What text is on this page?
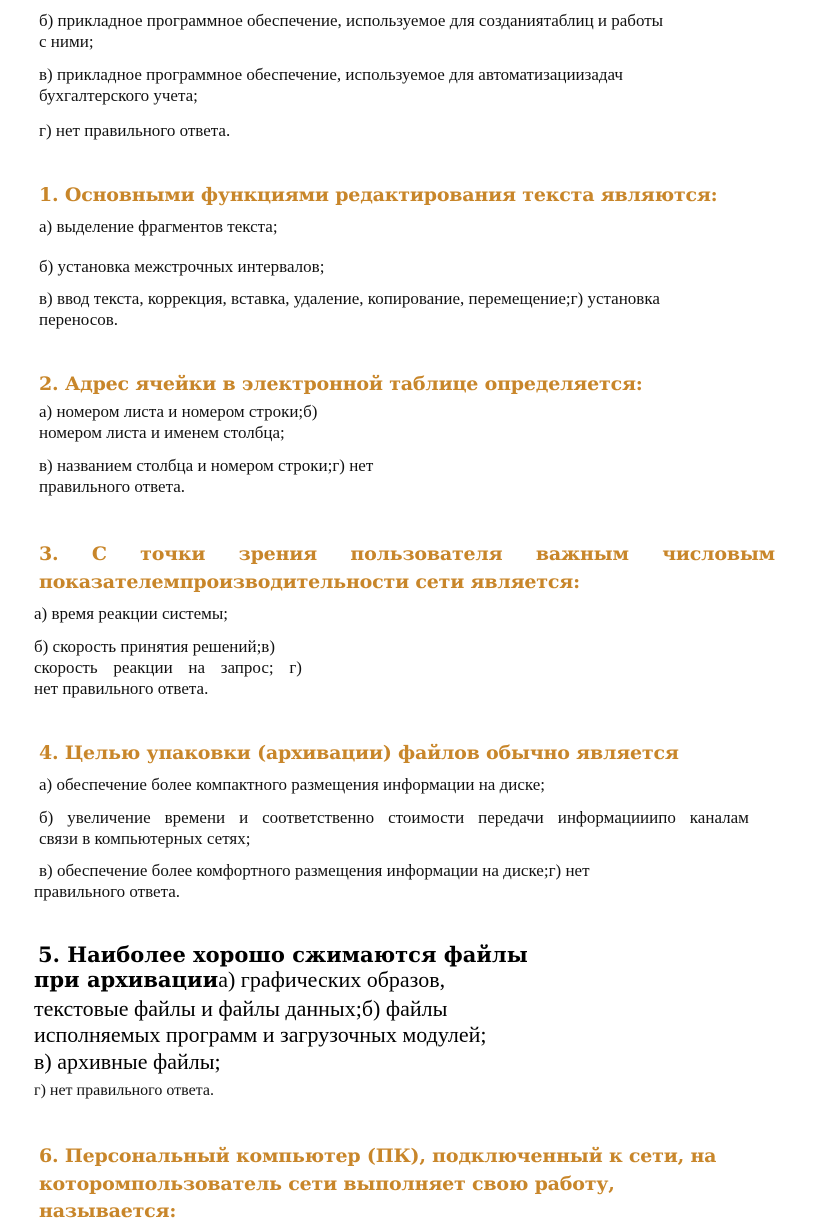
б) прикладное программное обеспечение, используемое для созданиятаблиц и работы
с ними;
в) прикладное программное обеспечение, используемое для автоматизациизадач
бухгалтерского учета;
г) нет правильного ответа.
1. Основными функциями редактирования текста являются:
а) выделение фрагментов текста;
б) установка межстрочных интервалов;
в) ввод текста, коррекция, вставка, удаление, копирование, перемещение;г) установка
переносов.
2. Адрес ячейки в электронной таблице определяется:
а) номером листа и номером строки;б)
номером листа и именем столбца;
в) названием столбца и номером строки;г) нет
правильного ответа.
3. С точки зрения пользователя важным числовым
показателемпроизводительности сети является:
а) время реакции системы;
б) скорость принятия решений;в)
скорость реакции на запрос; г)
нет правильного ответа.
4. Целью упаковки (архивации) файлов обычно является
а) обеспечение более компактного размещения информации на диске;
б) увеличение времени и соответственно стоимости передачи информацииипо каналам
связи в компьютерных сетях;
в) обеспечение более комфортного размещения информации на диске;г) нет
правильного ответа.
5. Наиболее хорошо сжимаются файлы
при архивацииа) графических образов,
текстовые файлы и файлы данных;б) файлы
исполняемых программ и загрузочных модулей;
в) архивные файлы;
г) нет правильного ответа.
6. Персональный компьютер (ПК), подключенный к сети, на
которомпользователь сети выполняет свою работу,
называется:
